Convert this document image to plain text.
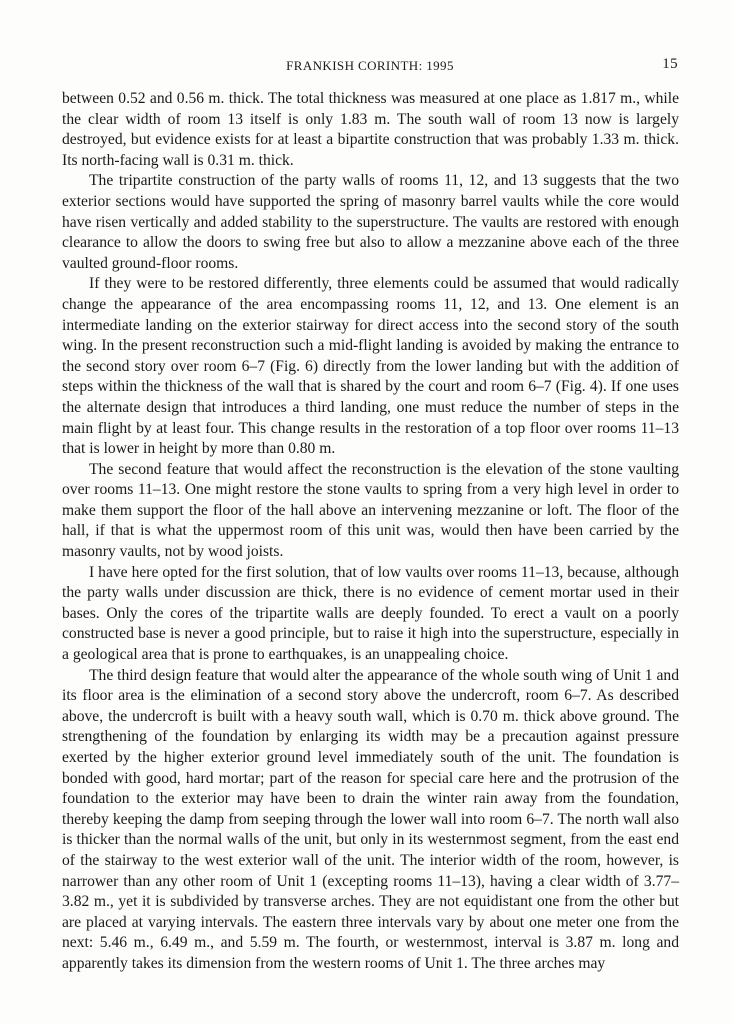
FRANKISH CORINTH: 1995	15

between 0.52 and 0.56 m. thick. The total thickness was measured at one place as 1.817 m., while the clear width of room 13 itself is only 1.83 m. The south wall of room 13 now is largely destroyed, but evidence exists for at least a bipartite construction that was probably 1.33 m. thick. Its north-facing wall is 0.31 m. thick.

The tripartite construction of the party walls of rooms 11, 12, and 13 suggests that the two exterior sections would have supported the spring of masonry barrel vaults while the core would have risen vertically and added stability to the superstructure. The vaults are restored with enough clearance to allow the doors to swing free but also to allow a mezzanine above each of the three vaulted ground-floor rooms.

If they were to be restored differently, three elements could be assumed that would radically change the appearance of the area encompassing rooms 11, 12, and 13. One element is an intermediate landing on the exterior stairway for direct access into the second story of the south wing. In the present reconstruction such a mid-flight landing is avoided by making the entrance to the second story over room 6–7 (Fig. 6) directly from the lower landing but with the addition of steps within the thickness of the wall that is shared by the court and room 6–7 (Fig. 4). If one uses the alternate design that introduces a third landing, one must reduce the number of steps in the main flight by at least four. This change results in the restoration of a top floor over rooms 11–13 that is lower in height by more than 0.80 m.

The second feature that would affect the reconstruction is the elevation of the stone vaulting over rooms 11–13. One might restore the stone vaults to spring from a very high level in order to make them support the floor of the hall above an intervening mezzanine or loft. The floor of the hall, if that is what the uppermost room of this unit was, would then have been carried by the masonry vaults, not by wood joists.

I have here opted for the first solution, that of low vaults over rooms 11–13, because, although the party walls under discussion are thick, there is no evidence of cement mortar used in their bases. Only the cores of the tripartite walls are deeply founded. To erect a vault on a poorly constructed base is never a good principle, but to raise it high into the superstructure, especially in a geological area that is prone to earthquakes, is an unappealing choice.

The third design feature that would alter the appearance of the whole south wing of Unit 1 and its floor area is the elimination of a second story above the undercroft, room 6–7. As described above, the undercroft is built with a heavy south wall, which is 0.70 m. thick above ground. The strengthening of the foundation by enlarging its width may be a precaution against pressure exerted by the higher exterior ground level immediately south of the unit. The foundation is bonded with good, hard mortar; part of the reason for special care here and the protrusion of the foundation to the exterior may have been to drain the winter rain away from the foundation, thereby keeping the damp from seeping through the lower wall into room 6–7. The north wall also is thicker than the normal walls of the unit, but only in its westernmost segment, from the east end of the stairway to the west exterior wall of the unit. The interior width of the room, however, is narrower than any other room of Unit 1 (excepting rooms 11–13), having a clear width of 3.77–3.82 m., yet it is subdivided by transverse arches. They are not equidistant one from the other but are placed at varying intervals. The eastern three intervals vary by about one meter one from the next: 5.46 m., 6.49 m., and 5.59 m. The fourth, or westernmost, interval is 3.87 m. long and apparently takes its dimension from the western rooms of Unit 1. The three arches may
